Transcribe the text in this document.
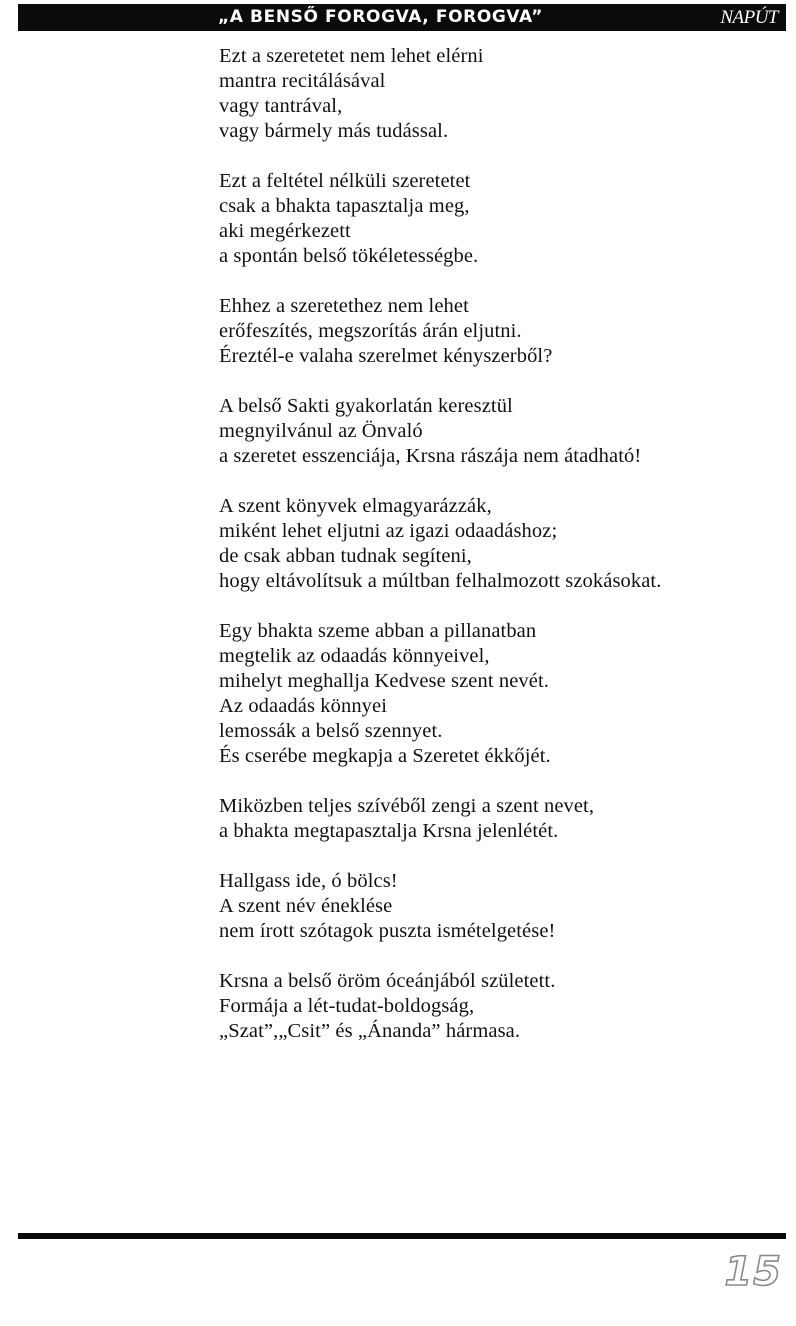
„A BENSŐ FOROGVA, FOROGVA”	NAPÚT
Ezt a szeretetet nem lehet elérni
mantra recitálásával
vagy tantrával,
vagy bármely más tudással.
Ezt a feltétel nélküli szeretetet
csak a bhakta tapasztalja meg,
aki megérkezett
a spontán belső tökéletességbe.
Ehhez a szeretethez nem lehet
erőfeszítés, megszorítás árán eljutni.
Éreztél-e valaha szerelmet kényszerből?
A belső Sakti gyakorlatán keresztül
megnyilvánul az Önvaló
a szeretet esszenciája, Krsna rászája nem átadható!
A szent könyvek elmagyarázzák,
miként lehet eljutni az igazi odaadáshoz;
de csak abban tudnak segíteni,
hogy eltávolítsuk a múltban felhalmozott szokásokat.
Egy bhakta szeme abban a pillanatban
megtelik az odaadás könnyeivel,
mihelyt meghallja Kedvese szent nevét.
Az odaadás könnyei
lemossák a belső szennyet.
És cserébe megkapja a Szeretet ékkőjét.
Miközben teljes szívéből zengi a szent nevet,
a bhakta megtapasztalja Krsna jelenlétét.
Hallgass ide, ó bölcs!
A szent név éneklése
nem írott szótagok puszta ismételgetése!
Krsna a belső öröm óceánjából született.
Formája a lét-tudat-boldogság,
„Szat”,„Csit” és „Ánanda” hármasa.
15
